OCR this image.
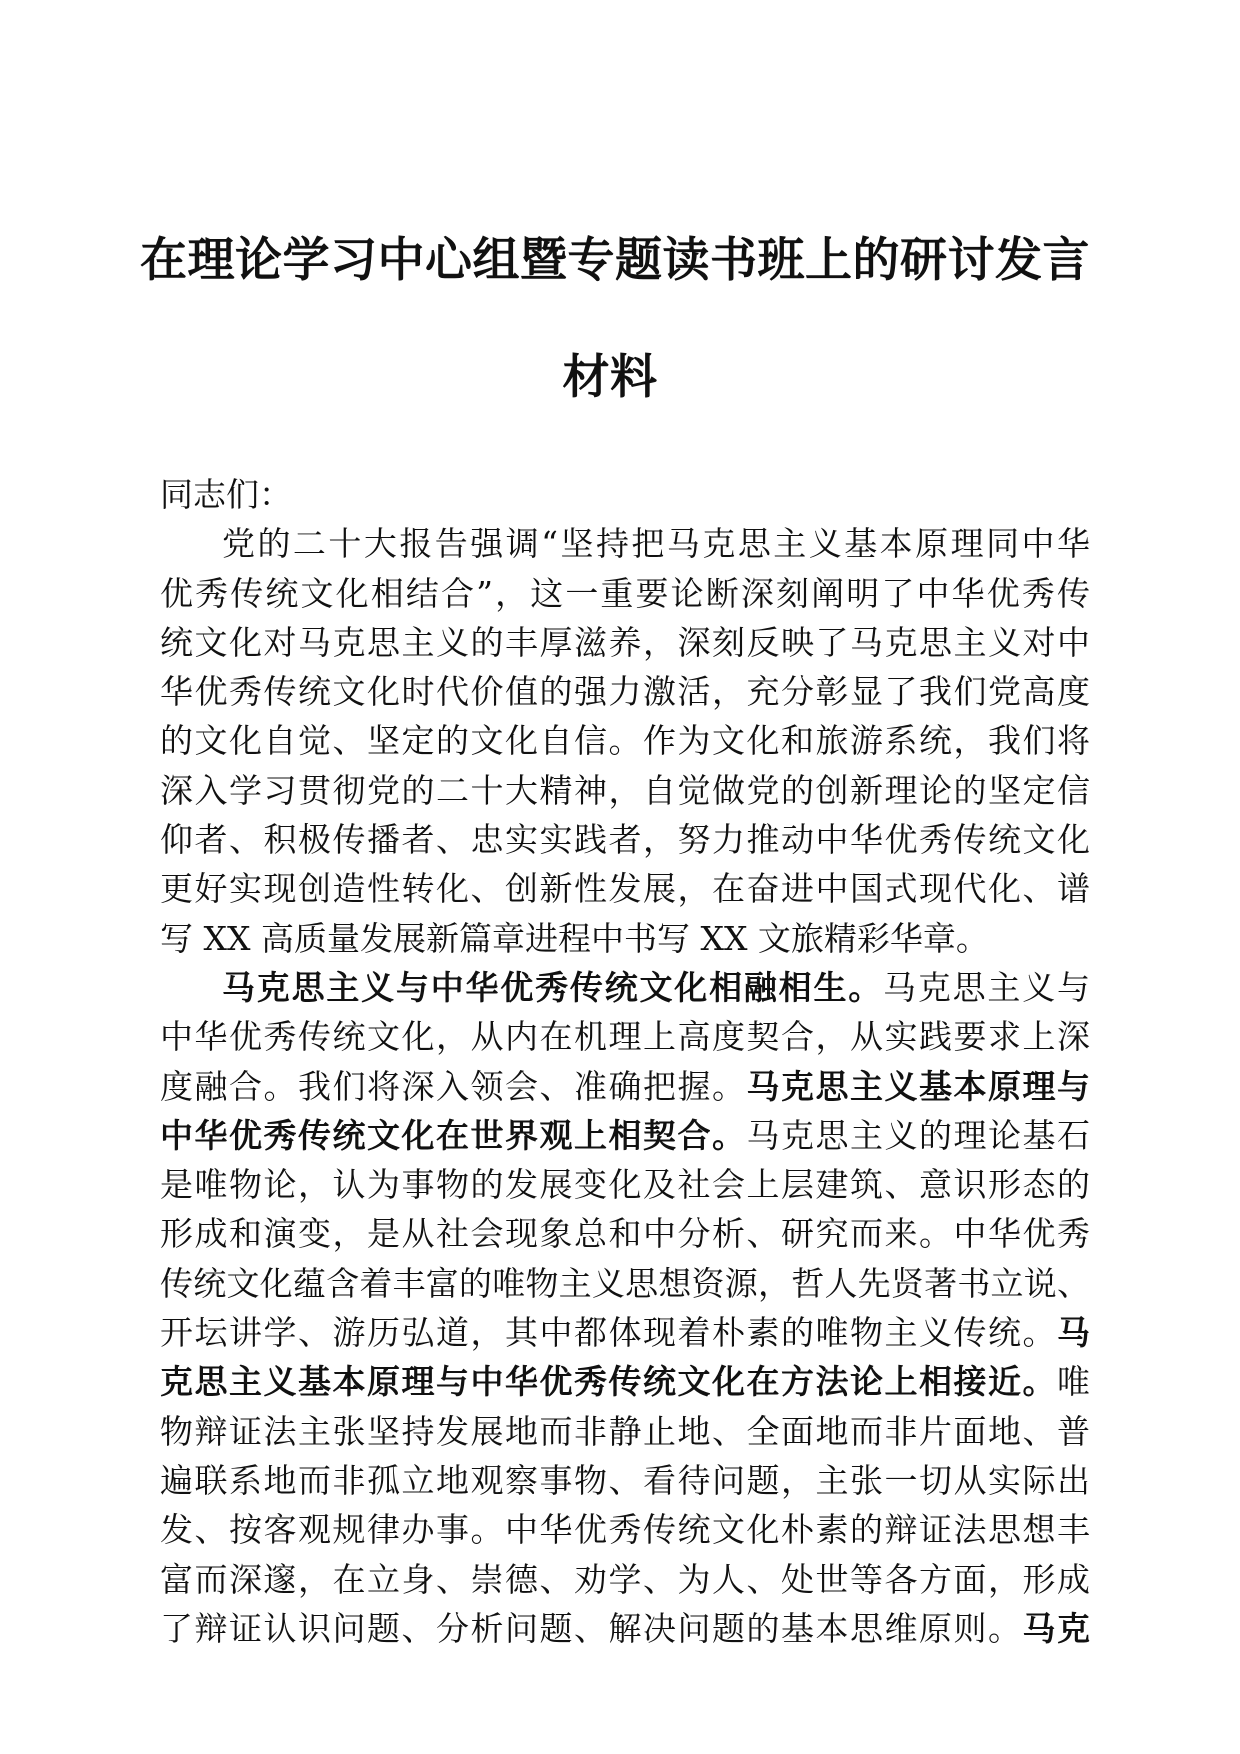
在理论学习中心组暨专题读书班上的研讨发言
材料
同志们：
党的二十大报告强调“坚持把马克思主义基本原理同中华
优秀传统文化相结合”，这一重要论断深刻阐明了中华优秀传
统文化对马克思主义的丰厚滋养，深刻反映了马克思主义对中
华优秀传统文化时代价值的强力激活，充分彰显了我们党高度
的文化自觉、坚定的文化自信。作为文化和旅游系统，我们将
深入学习贯彻党的二十大精神，自觉做党的创新理论的坚定信
仰者、积极传播者、忠实实践者，努力推动中华优秀传统文化
更好实现创造性转化、创新性发展，在奋进中国式现代化、谱
写 XX 高质量发展新篇章进程中书写 XX 文旅精彩华章。
马克思主义与中华优秀传统文化相融相生。马克思主义与
中华优秀传统文化，从内在机理上高度契合，从实践要求上深
度融合。我们将深入领会、准确把握。马克思主义基本原理与
中华优秀传统文化在世界观上相契合。马克思主义的理论基石
是唯物论，认为事物的发展变化及社会上层建筑、意识形态的
形成和演变，是从社会现象总和中分析、研究而来。中华优秀
传统文化蕴含着丰富的唯物主义思想资源，哲人先贤著书立说、
开坛讲学、游历弘道，其中都体现着朴素的唯物主义传统。马
克思主义基本原理与中华优秀传统文化在方法论上相接近。唯
物辩证法主张坚持发展地而非静止地、全面地而非片面地、普
遍联系地而非孤立地观察事物、看待问题，主张一切从实际出
发、按客观规律办事。中华优秀传统文化朴素的辩证法思想丰
富而深邃，在立身、崇德、劝学、为人、处世等各方面，形成
了辩证认识问题、分析问题、解决问题的基本思维原则。马克
